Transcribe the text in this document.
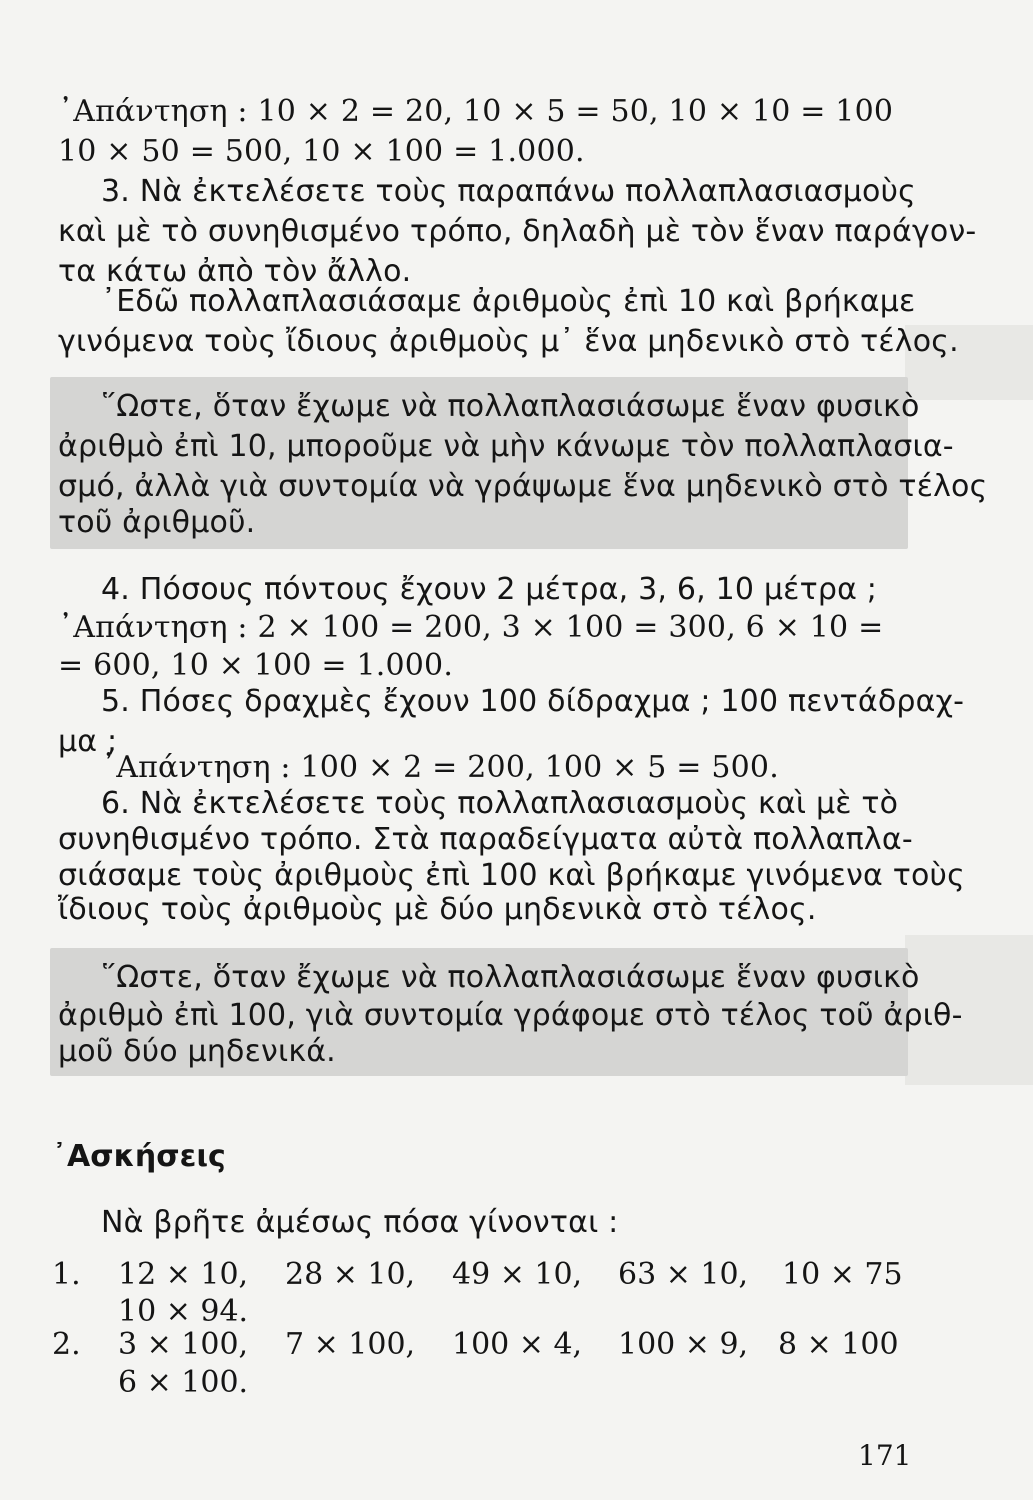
᾿Απάντηση : 10 × 2 = 20, 10 × 5 = 50, 10 × 10 = 100
10 × 50 = 500, 10 × 100 = 1.000.
3. Νὰ ἐκτελέσετε τοὺς παραπάνω πολλαπλασιασμοὺς
καὶ μὲ τὸ συνηθισμένο τρόπο, δηλαδὴ μὲ τὸν ἕναν παράγον-
τα κάτω ἀπὸ τὸν ἄλλο.
᾿Εδῶ πολλαπλασιάσαμε ἀριθμοὺς ἐπὶ 10 καὶ βρήκαμε
γινόμενα τοὺς ἴδιους ἀριθμοὺς μ᾿ ἕνα μηδενικὸ στὸ τέλος.
῞Ωστε, ὅταν ἔχωμε νὰ πολλαπλασιάσωμε ἕναν φυσικὸ
ἀριθμὸ ἐπὶ 10, μποροῦμε νὰ μὴν κάνωμε τὸν πολλαπλασια-
σμό, ἀλλὰ γιὰ συντομία νὰ γράψωμε ἕνα μηδενικὸ στὸ τέλος
τοῦ ἀριθμοῦ.
4. Πόσους πόντους ἔχουν 2 μέτρα, 3, 6, 10 μέτρα ;
᾿Απάντηση : 2 × 100 = 200, 3 × 100 = 300, 6 × 10 =
= 600, 10 × 100 = 1.000.
5. Πόσες δραχμὲς ἔχουν 100 δίδραχμα ; 100 πεντάδραχ-
μα ;
᾿Απάντηση : 100 × 2 = 200, 100 × 5 = 500.
6. Νὰ ἐκτελέσετε τοὺς πολλαπλασιασμοὺς καὶ μὲ τὸ
συνηθισμένο τρόπο. Στὰ παραδείγματα αὐτὰ πολλαπλα-
σιάσαμε τοὺς ἀριθμοὺς ἐπὶ 100 καὶ βρήκαμε γινόμενα τοὺς
ἴδιους τοὺς ἀριθμοὺς μὲ δύο μηδενικὰ στὸ τέλος.
῞Ωστε, ὅταν ἔχωμε νὰ πολλαπλασιάσωμε ἕναν φυσικὸ
ἀριθμὸ ἐπὶ 100, γιὰ συντομία γράφομε στὸ τέλος τοῦ ἀριθ-
μοῦ δύο μηδενικά.
᾿Ασκήσεις
Νὰ βρῆτε ἀμέσως πόσα γίνονται :
1. 12 × 10, 28 × 10, 49 × 10, 63 × 10, 10 × 75
10 × 94.
2. 3 × 100, 7 × 100, 100 × 4, 100 × 9, 8 × 100
6 × 100.
171
